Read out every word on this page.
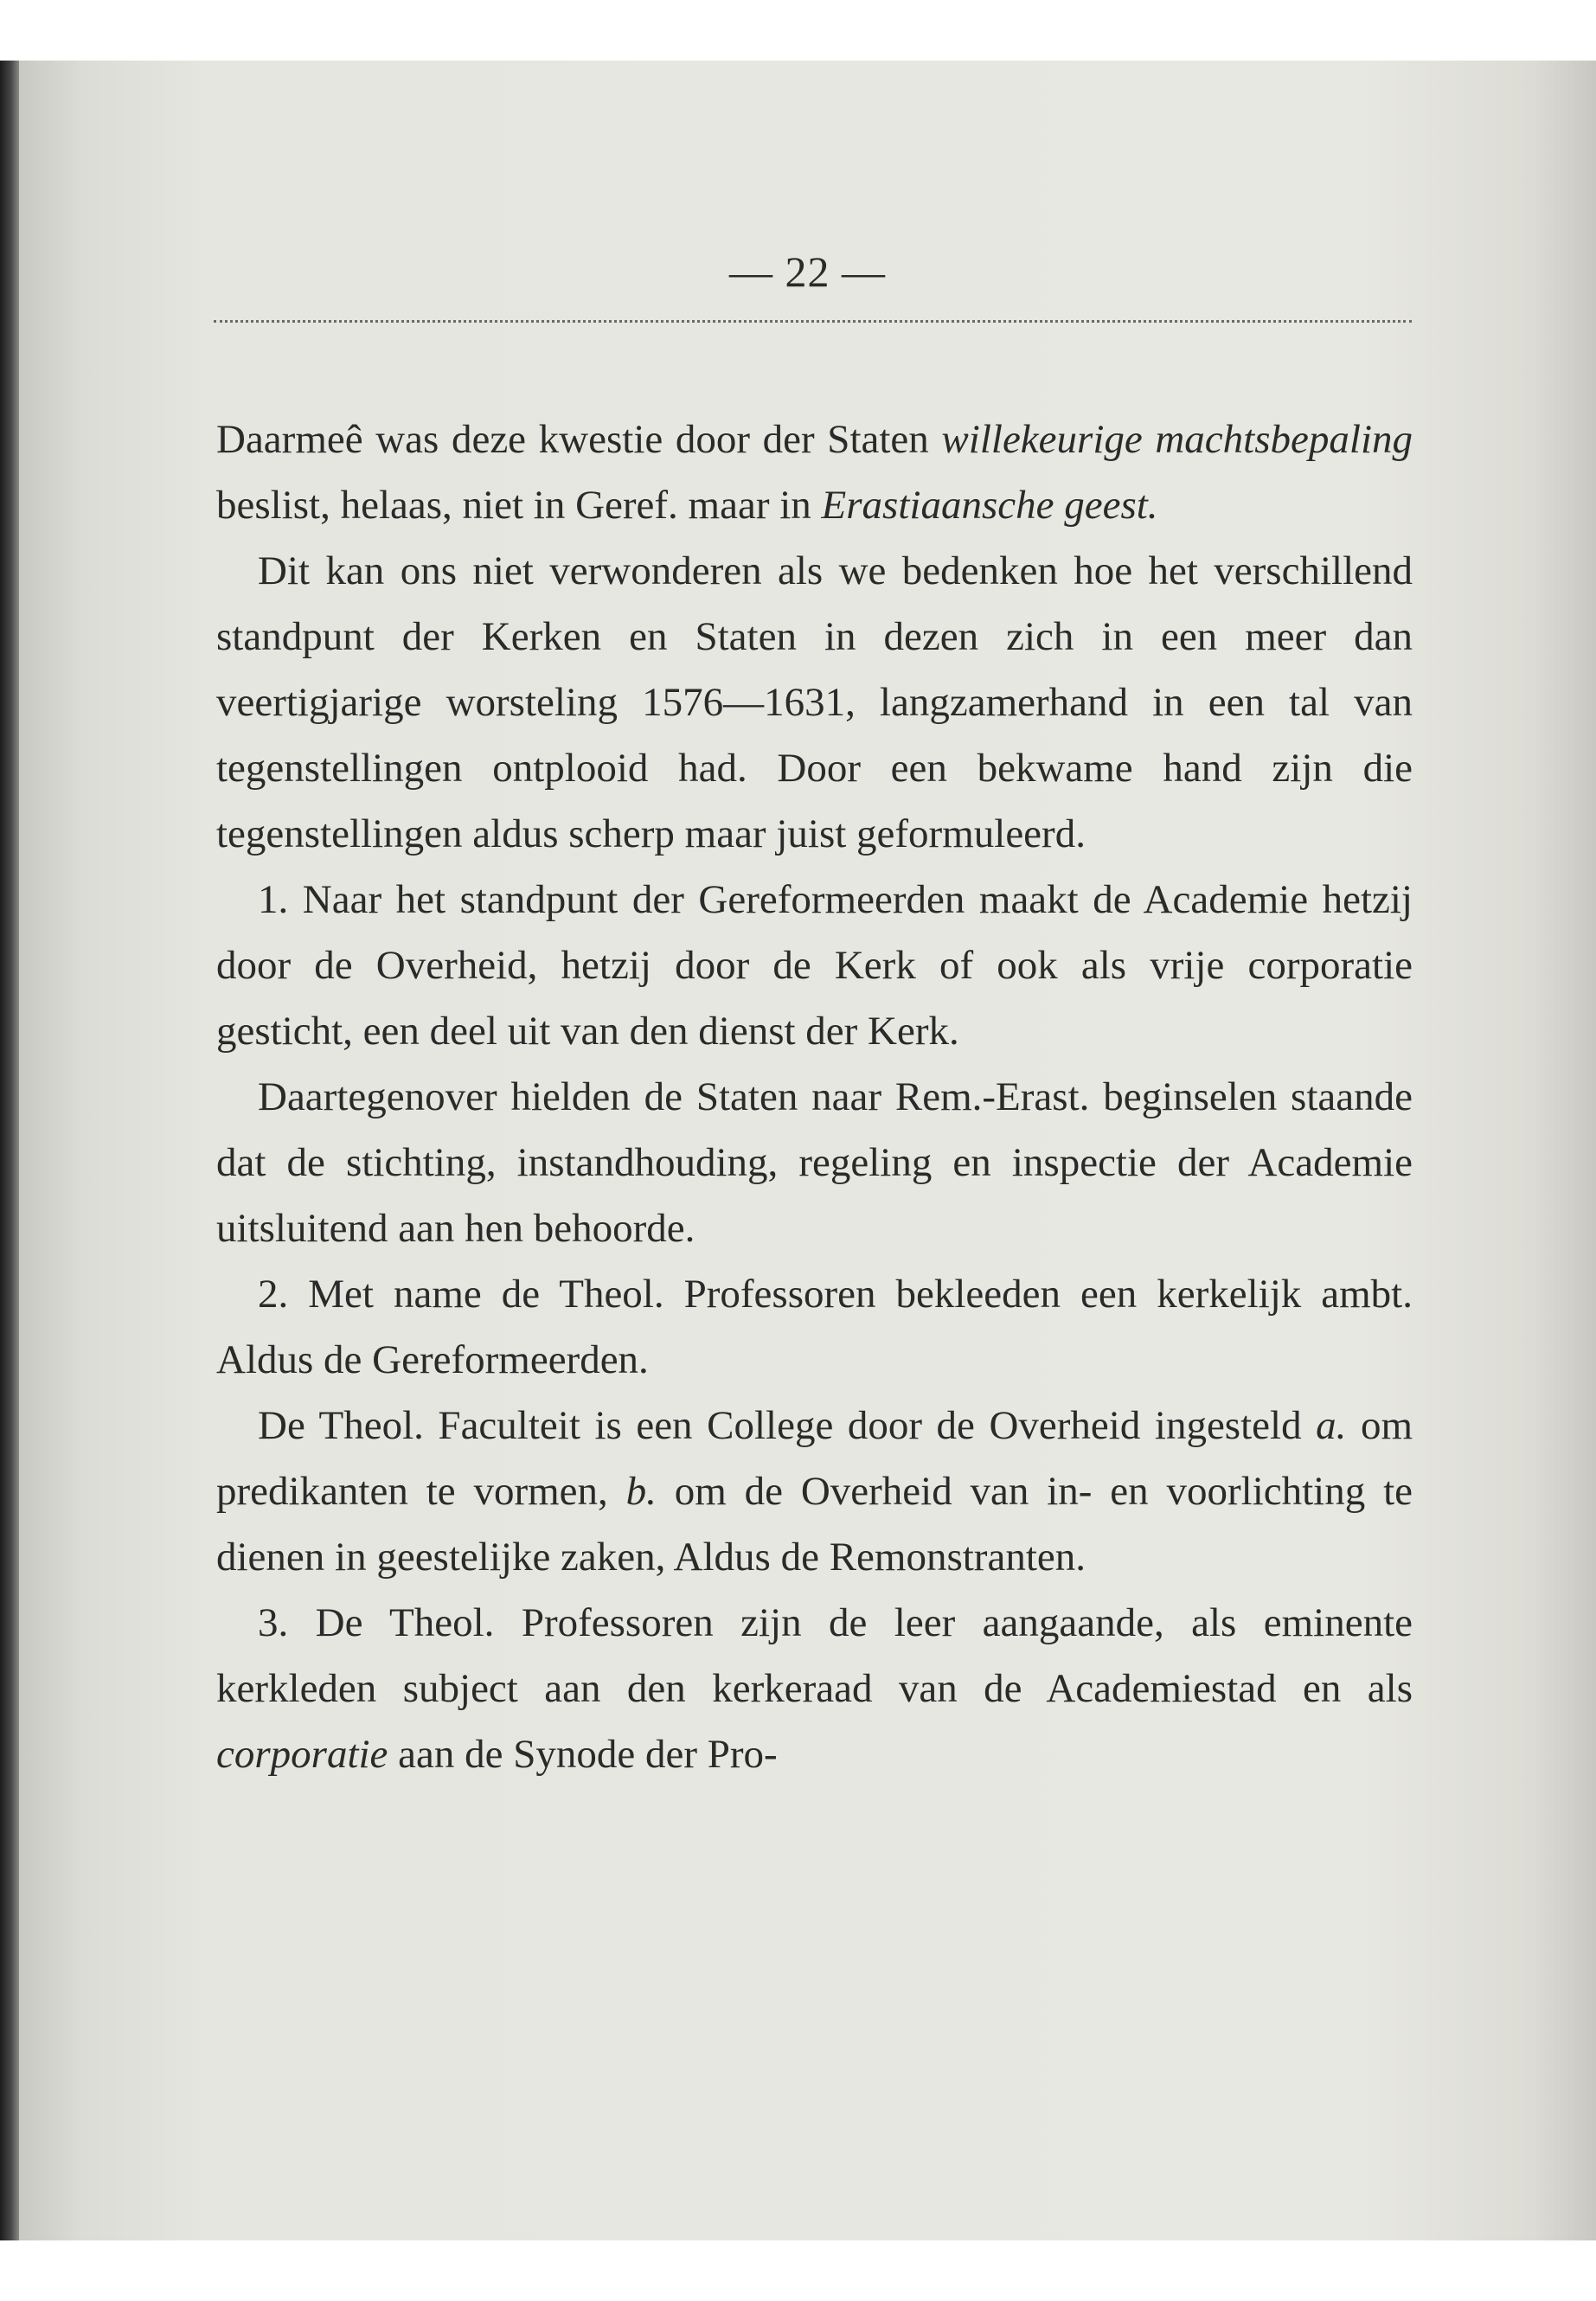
— 22 —

Daarmeê was deze kwestie door der Staten willekeurige machtsbepaling beslist, helaas, niet in Geref. maar in Erastiaansche geest.

Dit kan ons niet verwonderen als we bedenken hoe het verschillend standpunt der Kerken en Staten in dezen zich in een meer dan veertigjarige worsteling 1576—1631, langzamerhand in een tal van tegenstellingen ontplooid had. Door een bekwame hand zijn die tegenstellingen aldus scherp maar juist geformuleerd.

1. Naar het standpunt der Gereformeerden maakt de Academie hetzij door de Overheid, hetzij door de Kerk of ook als vrije corporatie gesticht, een deel uit van den dienst der Kerk.

Daartegenover hielden de Staten naar Rem.-Erast. beginselen staande dat de stichting, instandhouding, regeling en inspectie der Academie uitsluitend aan hen behoorde.

2. Met name de Theol. Professoren bekleeden een kerkelijk ambt. Aldus de Gereformeerden.

De Theol. Faculteit is een College door de Overheid ingesteld a. om predikanten te vormen, b. om de Overheid van in- en voorlichting te dienen in geestelijke zaken, Aldus de Remonstranten.

3. De Theol. Professoren zijn de leer aangaande, als eminente kerkleden subject aan den kerkeraad van de Academiestad en als corporatie aan de Synode der Pro-
